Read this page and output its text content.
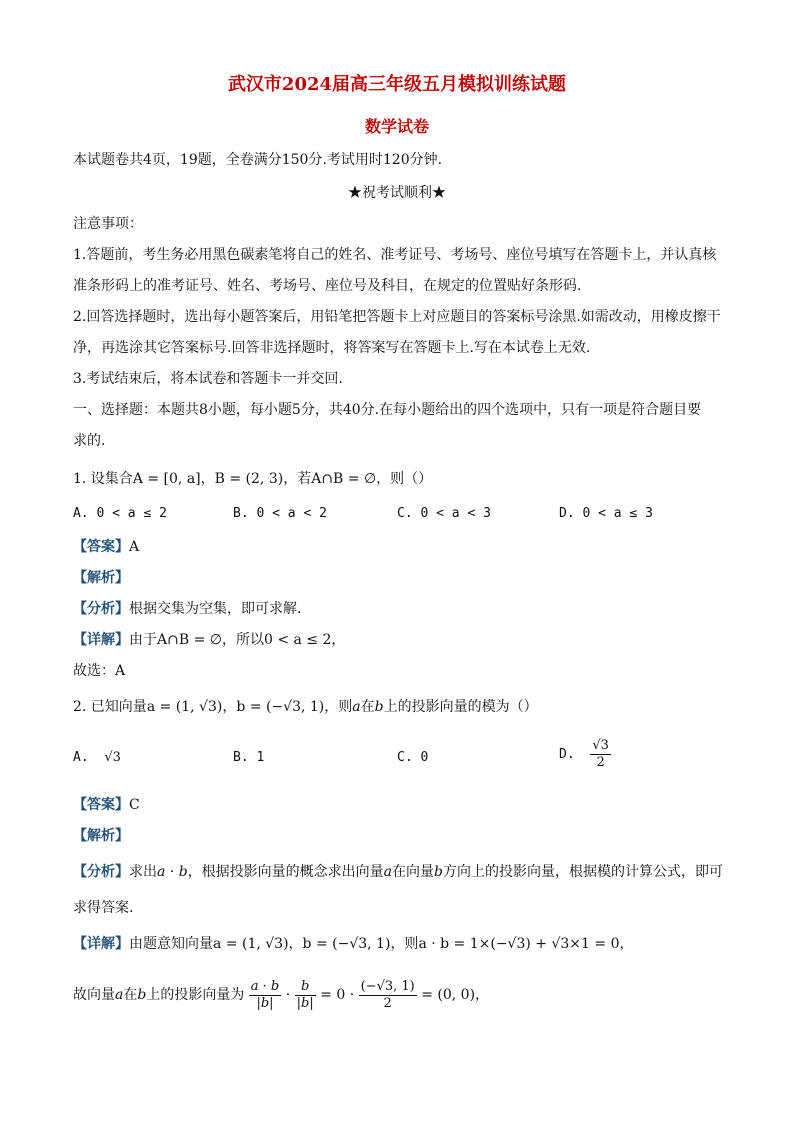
武汉市2024届高三年级五月模拟训练试题
数学试卷
本试题卷共4页，19题，全卷满分150分.考试用时120分钟.
★祝考试顺利★
注意事项：
1.答题前，考生务必用黑色碳素笔将自己的姓名、准考证号、考场号、座位号填写在答题卡上，并认真核
准条形码上的准考证号、姓名、考场号、座位号及科目，在规定的位置贴好条形码.
2.回答选择题时，选出每小题答案后，用铅笔把答题卡上对应题目的答案标号涂黑.如需改动，用橡皮擦干
净，再选涂其它答案标号.回答非选择题时，将答案写在答题卡上.写在本试卷上无效.
3.考试结束后，将本试卷和答题卡一并交回.
一、选择题：本题共8小题，每小题5分，共40分.在每小题给出的四个选项中，只有一项是符合题目要
求的.
1. 设集合A = [0, a]，B = (2, 3)，若A∩B = ∅，则（）
A. 0 < a ≤ 2	B. 0 < a < 2	C. 0 < a < 3	D. 0 < a ≤ 3
【答案】A
【解析】
【分析】根据交集为空集，即可求解.
【详解】由于A∩B = ∅，所以0 < a ≤ 2，
故选：A
2. 已知向量a = (1, √3)，b = (−√3, 1)，则a在b上的投影向量的模为（）
A. √3	B. 1	C. 0	D. $\frac{√3}{2}$
【答案】C
【解析】
【分析】求出a · b，根据投影向量的概念求出向量a在向量b方向上的投影向量，根据模的计算公式，即可
求得答案.
【详解】由题意知向量a = (1, √3)，b = (−√3, 1)，则a · b = 1×(−√3) + √3×1 = 0，
故向量a在b上的投影向量为 $\frac{a \cdot b}{|b|} \cdot \frac{b}{|b|} = 0 \cdot \frac{(-√3, 1)}{2} = (0$, 0)，
